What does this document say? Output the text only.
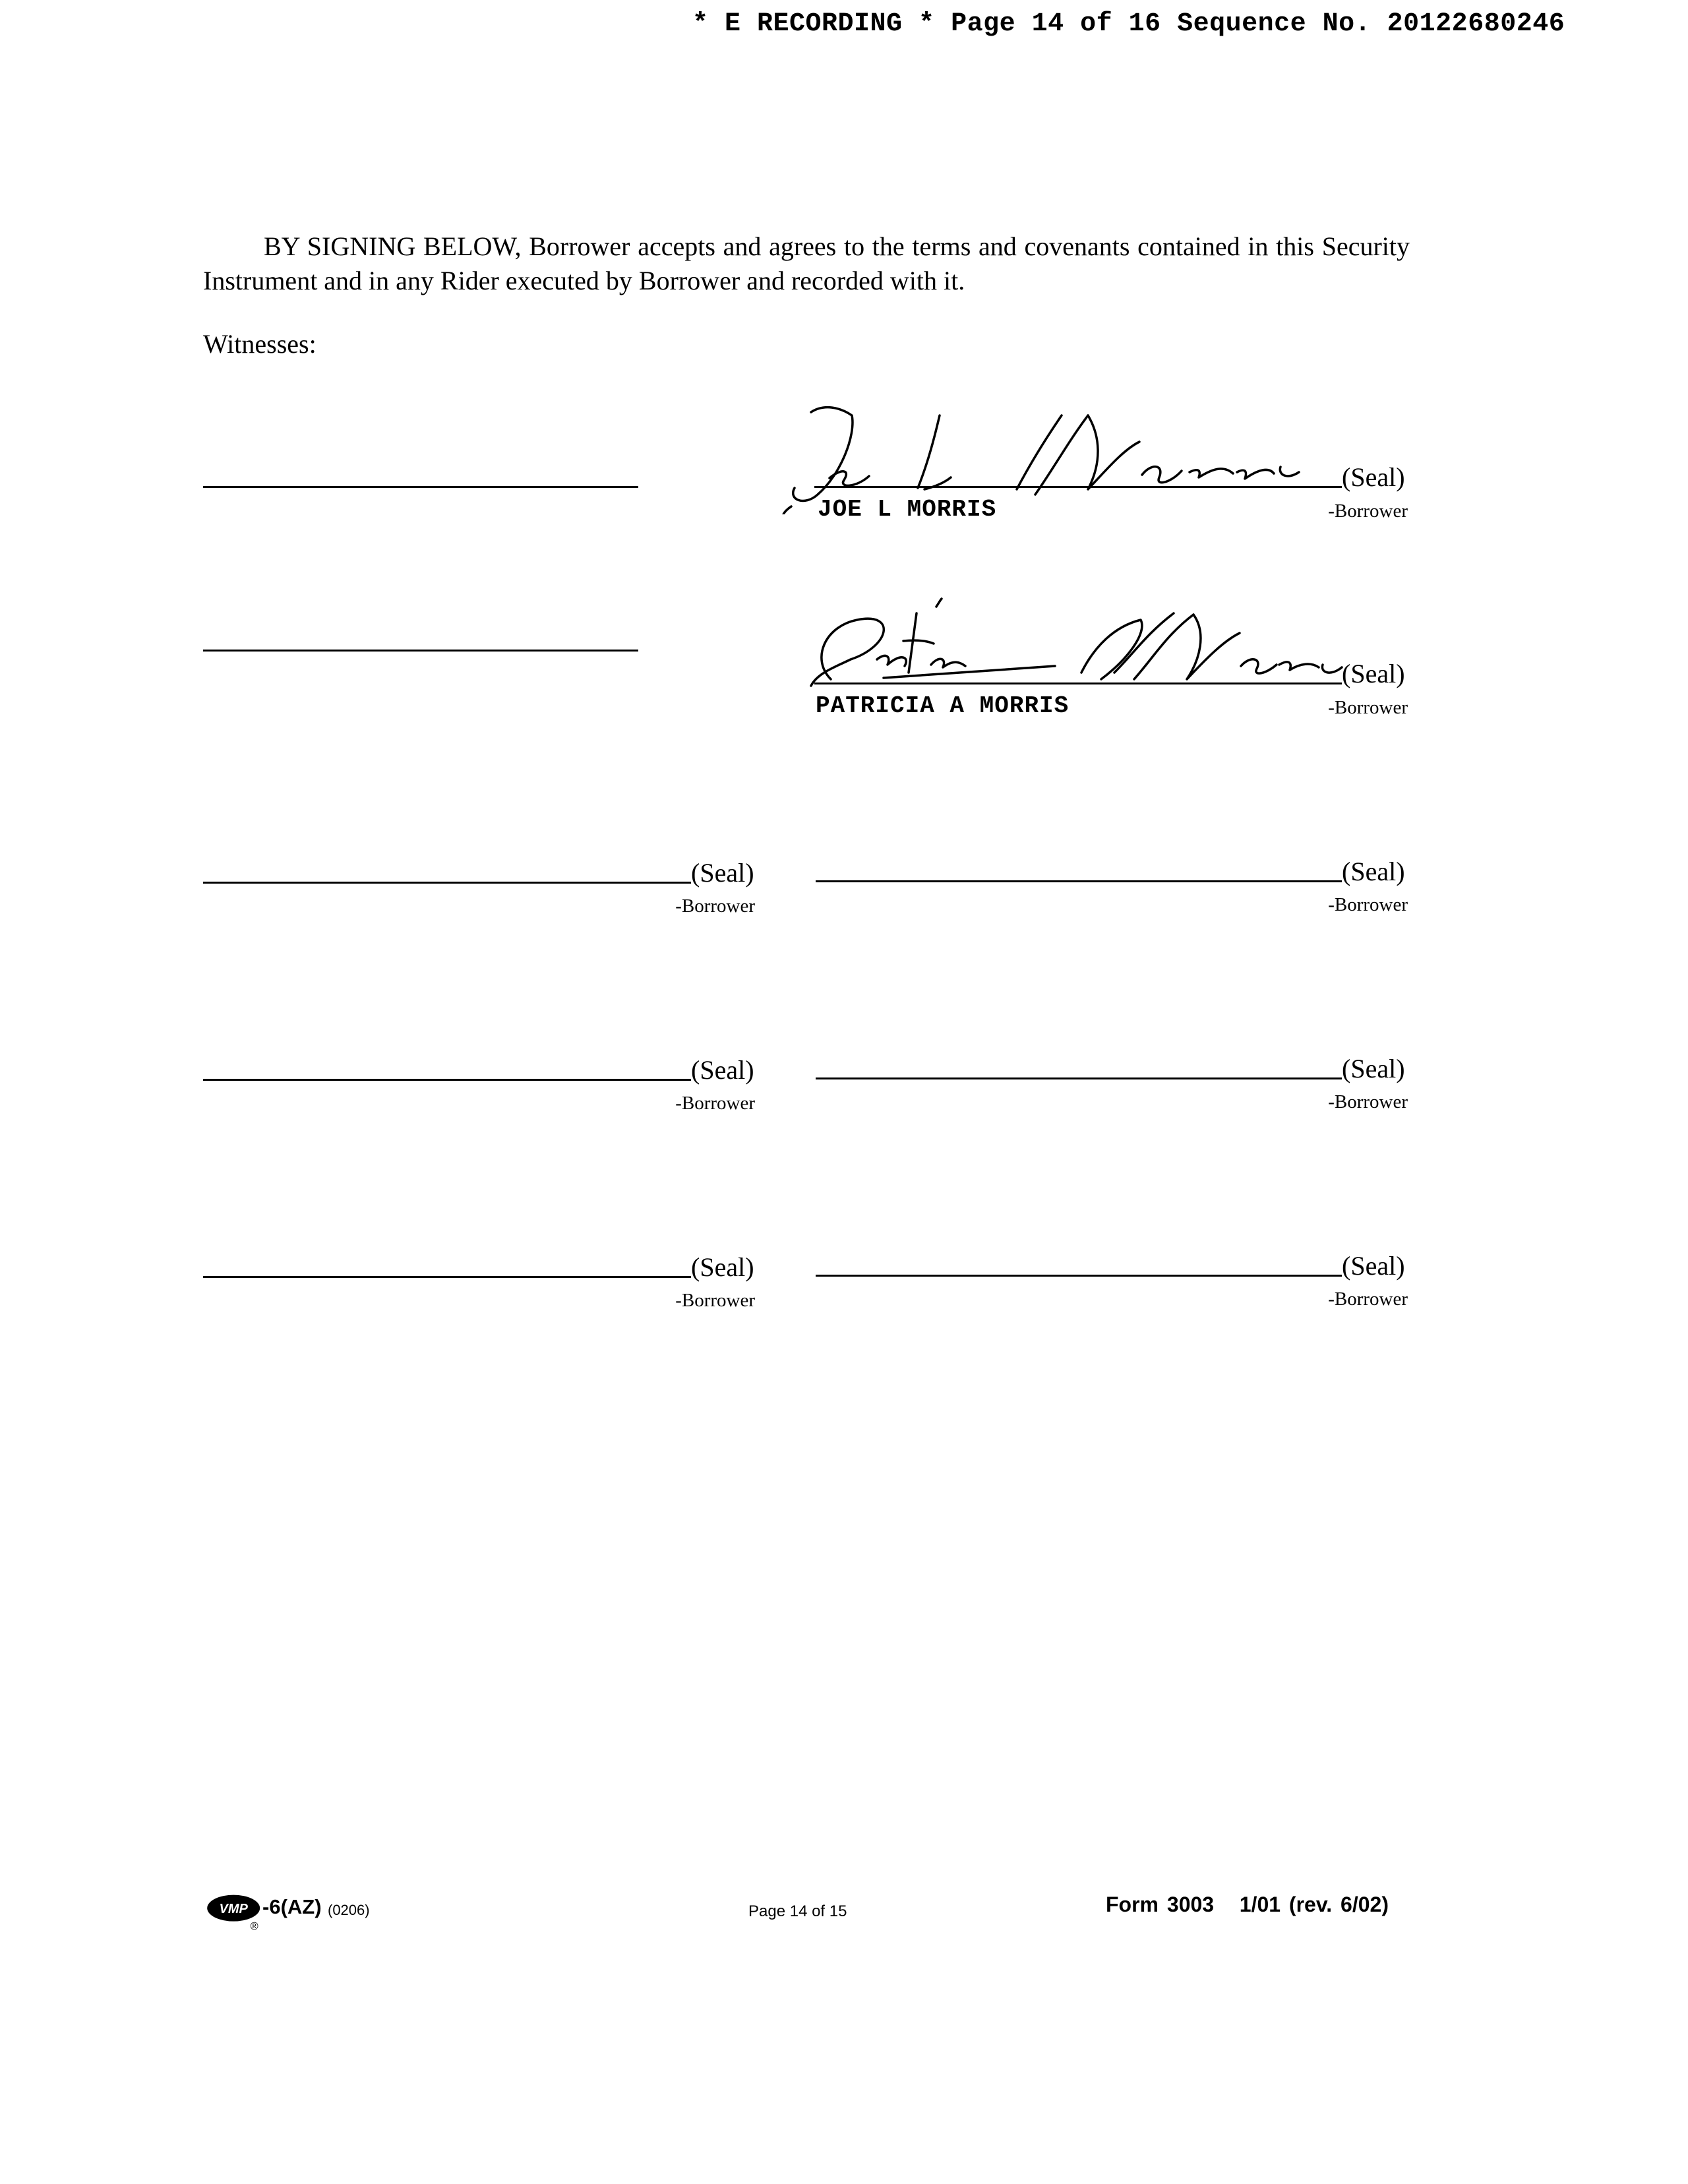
* E RECORDING * Page 14 of 16 Sequence No. 20122680246

BY SIGNING BELOW, Borrower accepts and agrees to the terms and covenants contained in this Security Instrument and in any Rider executed by Borrower and recorded with it.

Witnesses:
(Seal)
JOE L MORRIS	-Borrower
(Seal)
PATRICIA A MORRIS	-Borrower
(Seal)
-Borrower
(Seal)
-Borrower
(Seal)
-Borrower
(Seal)
-Borrower
(Seal)
-Borrower
(Seal)
-Borrower
VMP
®
-6(AZ) (0206)	Page 14 of 15	Form 3003 1/01 (rev. 6/02)
